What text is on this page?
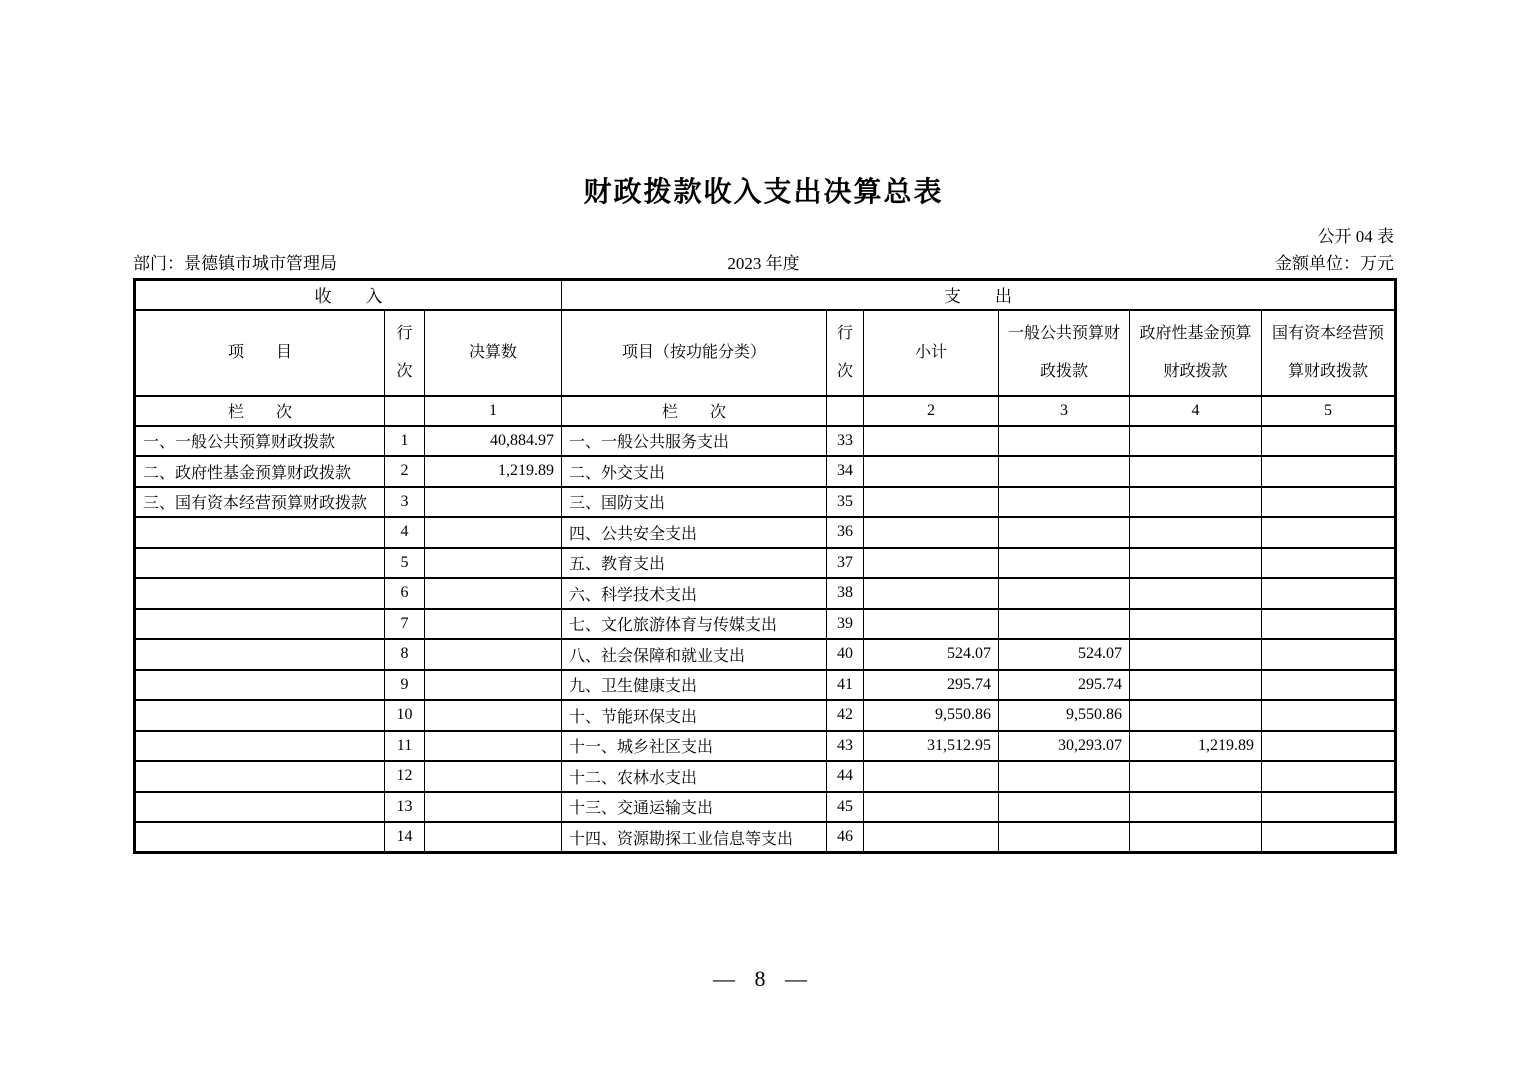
财政拨款收入支出决算总表
公开 04 表
部门：景德镇市城市管理局	2023 年度	金额单位：万元
收　　入			支　　出					
项　　目	行次	决算数	项目（按功能分类）	行次	小计	一般公共预算财政拨款	政府性基金预算财政拨款	国有资本经营预算财政拨款
栏　　次		1	栏　　次		2	3	4	5
一、一般公共预算财政拨款	1	40,884.97	一、一般公共服务支出	33				
二、政府性基金预算财政拨款	2	1,219.89	二、外交支出	34				
三、国有资本经营预算财政拨款	3		三、国防支出	35				
	4		四、公共安全支出	36				
	5		五、教育支出	37				
	6		六、科学技术支出	38				
	7		七、文化旅游体育与传媒支出	39				
	8		八、社会保障和就业支出	40	524.07	524.07		
	9		九、卫生健康支出	41	295.74	295.74		
	10		十、节能环保支出	42	9,550.86	9,550.86		
	11		十一、城乡社区支出	43	31,512.95	30,293.07	1,219.89	
	12		十二、农林水支出	44				
	13		十三、交通运输支出	45				
	14		十四、资源勘探工业信息等支出	46				
— 8 —
